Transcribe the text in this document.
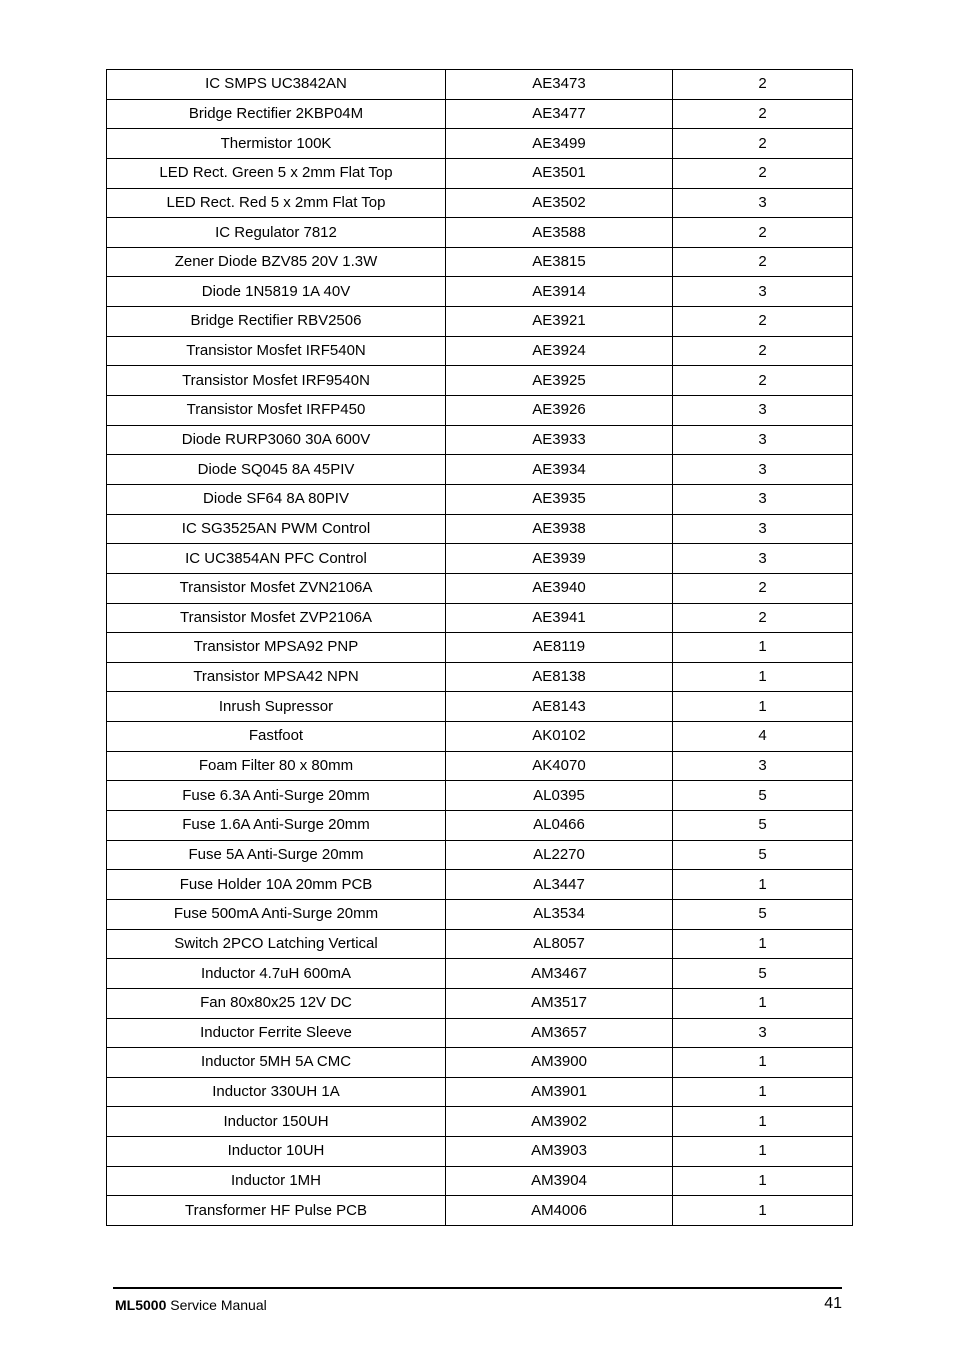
IC SMPS UC3842AN	AE3473	2
Bridge Rectifier 2KBP04M	AE3477	2
Thermistor 100K	AE3499	2
LED Rect. Green 5 x 2mm Flat Top	AE3501	2
LED Rect. Red 5 x 2mm Flat Top	AE3502	3
IC Regulator 7812	AE3588	2
Zener Diode BZV85 20V 1.3W	AE3815	2
Diode 1N5819 1A 40V	AE3914	3
Bridge Rectifier RBV2506	AE3921	2
Transistor Mosfet IRF540N	AE3924	2
Transistor Mosfet IRF9540N	AE3925	2
Transistor Mosfet IRFP450	AE3926	3
Diode RURP3060 30A 600V	AE3933	3
Diode SQ045 8A 45PIV	AE3934	3
Diode SF64 8A 80PIV	AE3935	3
IC SG3525AN PWM Control	AE3938	3
IC UC3854AN PFC Control	AE3939	3
Transistor Mosfet ZVN2106A	AE3940	2
Transistor Mosfet ZVP2106A	AE3941	2
Transistor MPSA92 PNP	AE8119	1
Transistor MPSA42 NPN	AE8138	1
Inrush Supressor	AE8143	1
Fastfoot	AK0102	4
Foam Filter 80 x 80mm	AK4070	3
Fuse 6.3A Anti-Surge 20mm	AL0395	5
Fuse 1.6A Anti-Surge 20mm	AL0466	5
Fuse 5A Anti-Surge 20mm	AL2270	5
Fuse Holder 10A 20mm PCB	AL3447	1
Fuse 500mA Anti-Surge 20mm	AL3534	5
Switch 2PCO Latching Vertical	AL8057	1
Inductor 4.7uH 600mA	AM3467	5
Fan 80x80x25 12V DC	AM3517	1
Inductor Ferrite Sleeve	AM3657	3
Inductor 5MH 5A CMC	AM3900	1
Inductor 330UH 1A	AM3901	1
Inductor 150UH	AM3902	1
Inductor 10UH	AM3903	1
Inductor 1MH	AM3904	1
Transformer HF Pulse PCB	AM4006	1
ML5000 Service Manual	41
